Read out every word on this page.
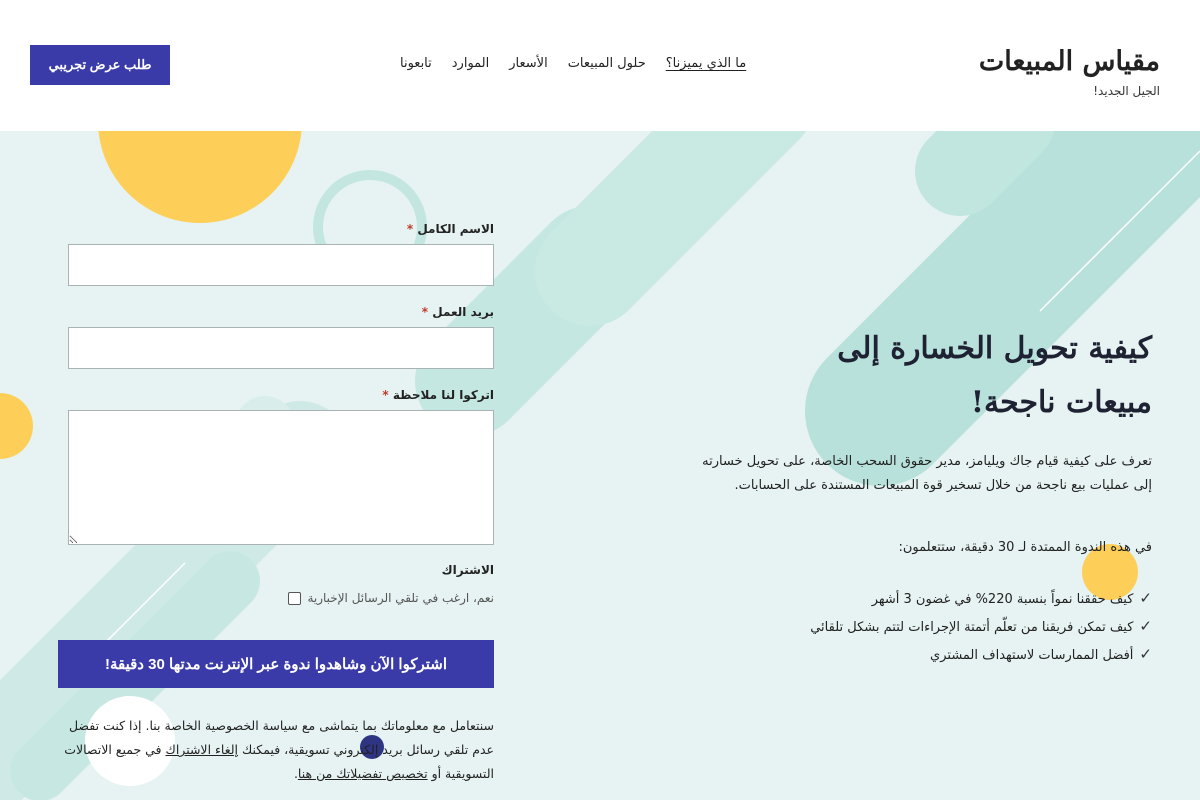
مقياس المبيعات
الجيل الجديد!
ما الذي يميزنا؟
حلول المبيعات
الأسعار
الموارد
تابعونا
طلب عرض تجريبي
الاسم الكامل *
بريد العمل *
اتركوا لنا ملاحظة *
الاشتراك
نعم، ارغب في تلقي الرسائل الإخبارية
اشتركوا الآن وشاهدوا ندوة عبر الإنترنت مدتها 30 دقيقة!

سنتعامل مع معلوماتك بما يتماشى مع سياسة الخصوصية الخاصة بنا. إذا كنت تفضل عدم تلقي رسائل بريد إلكتروني تسويقية، فيمكنك إلغاء الاشتراك في جميع الاتصالات التسويقية أو تخصيص تفضيلاتك من هنا.

كيفية تحويل الخسارة إلى
مبيعات ناجحة!

تعرف على كيفية قيام جاك ويليامز، مدير حقوق السحب الخاصة، على تحويل خسارته إلى عمليات بيع ناجحة من خلال تسخير قوة المبيعات المستندة على الحسابات.

في هذه الندوة الممتدة لـ 30 دقيقة، ستتعلمون:

✓كيف حققنا نمواً بنسبة 220% في غضون 3 أشهر
✓كيف تمكن فريقنا من تعلّم أتمتة الإجراءات لتتم بشكل تلقائي
✓أفضل الممارسات لاستهداف المشتري
